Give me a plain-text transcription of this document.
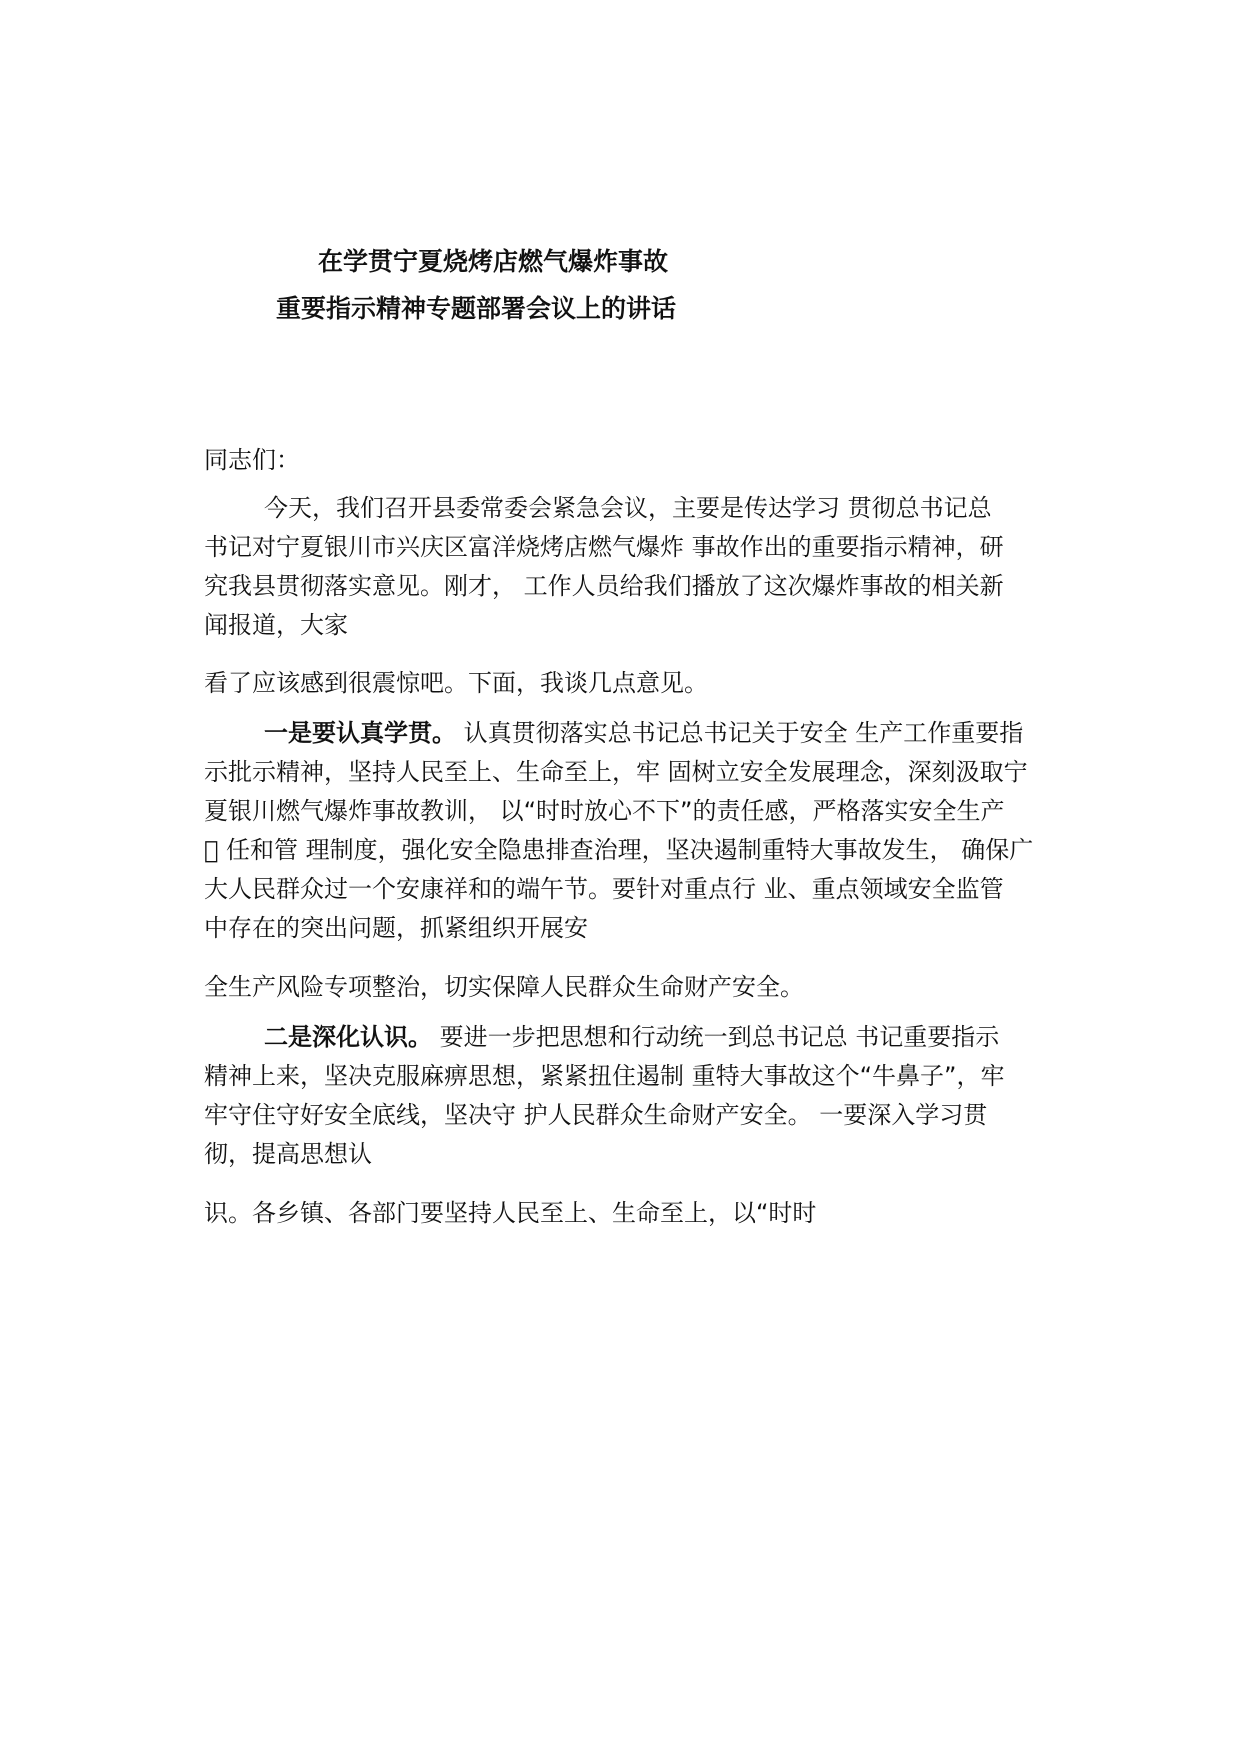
在学贯宁夏烧烤店燃气爆炸事故
重要指示精神专题部署会议上的讲话
同志们：
今天，我们召开县委常委会紧急会议，主要是传达学习 贯彻总书记总
书记对宁夏银川市兴庆区富洋烧烤店燃气爆炸 事故作出的重要指示精神，研
究我县贯彻落实意见。刚才， 工作人员给我们播放了这次爆炸事故的相关新
闻报道，大家
看了应该感到很震惊吧。下面，我谈几点意见。
一是要认真学贯。 认真贯彻落实总书记总书记关于安全 生产工作重要指
示批示精神，坚持人民至上、生命至上，牢 固树立安全发展理念，深刻汲取宁
夏银川燃气爆炸事故教训， 以“时时放心不下”的责任感，严格落实安全生产
任和管 理制度，强化安全隐患排查治理，坚决遏制重特大事故发生， 确保广
大人民群众过一个安康祥和的端午节。要针对重点行 业、重点领域安全监管
中存在的突出问题，抓紧组织开展安
全生产风险专项整治，切实保障人民群众生命财产安全。
二是深化认识。 要进一步把思想和行动统一到总书记总 书记重要指示
精神上来，坚决克服麻痹思想，紧紧扭住遏制 重特大事故这个“牛鼻子”，牢
牢守住守好安全底线，坚决守 护人民群众生命财产安全。 一要深入学习贯
彻，提高思想认
识。各乡镇、各部门要坚持人民至上、生命至上，以“时时
